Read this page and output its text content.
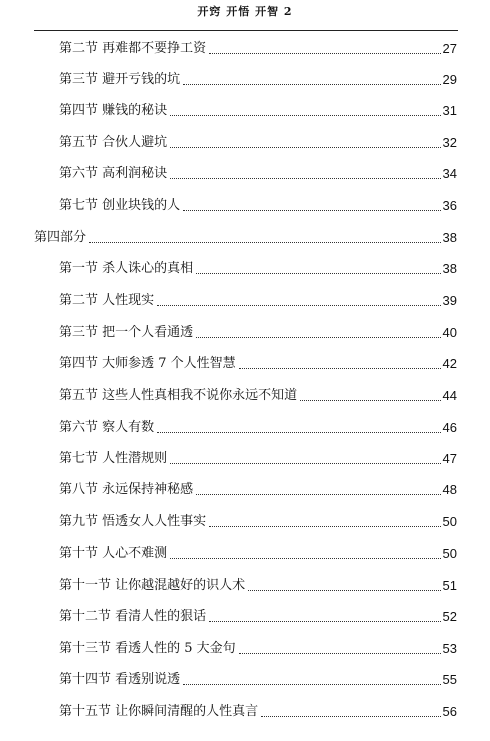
开窍 开悟 开智 2
第二节 再难都不要挣工资	27
第三节 避开亏钱的坑	29
第四节 赚钱的秘诀	31
第五节 合伙人避坑	32
第六节 高利润秘诀	34
第七节 创业块钱的人	36
第四部分	38
第一节 杀人诛心的真相	38
第二节 人性现实	39
第三节 把一个人看通透	40
第四节 大师参透 7 个人性智慧	42
第五节 这些人性真相我不说你永远不知道	44
第六节 察人有数	46
第七节 人性潜规则	47
第八节 永远保持神秘感	48
第九节 悟透女人人性事实	50
第十节 人心不难测	50
第十一节 让你越混越好的识人术	51
第十二节 看清人性的狠话	52
第十三节 看透人性的 5 大金句	53
第十四节 看透别说透	55
第十五节 让你瞬间清醒的人性真言	56
